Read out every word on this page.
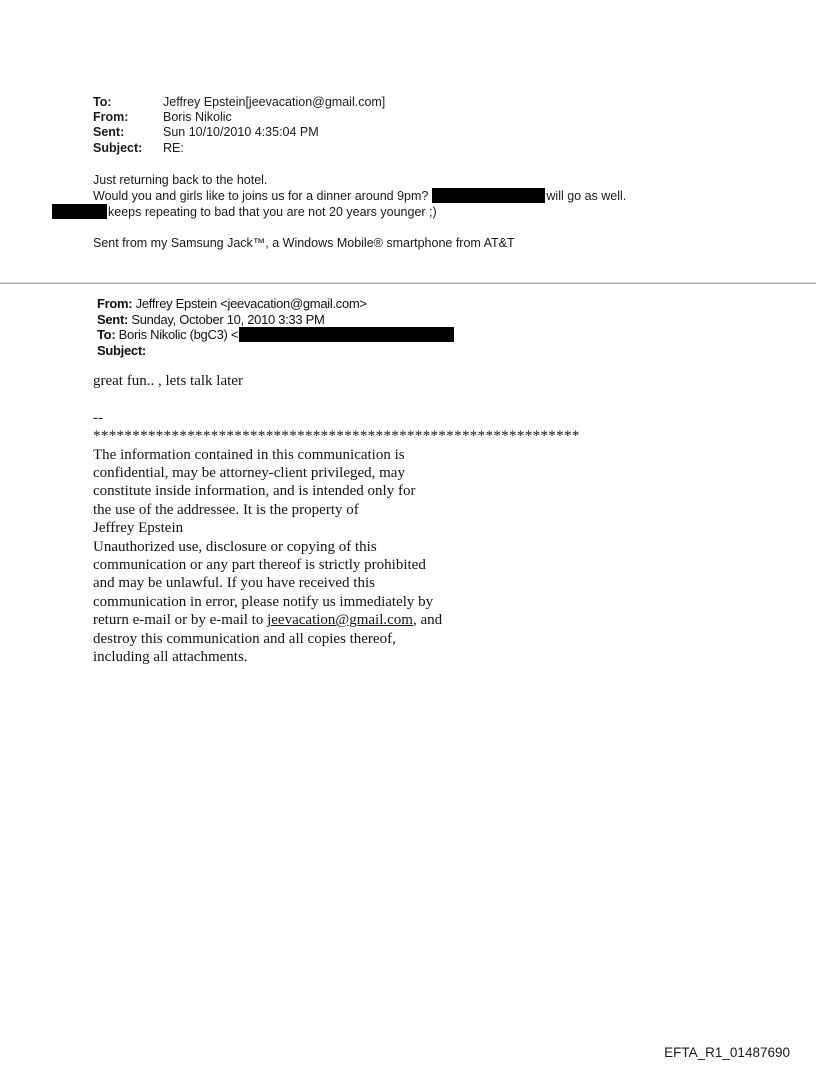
To:	Jeffrey Epstein[jeevacation@gmail.com]
From:	Boris Nikolic
Sent:	Sun 10/10/2010 4:35:04 PM
Subject:	RE:
Just returning back to the hotel.
Would you and girls like to joins us for a dinner around 9pm?	will go as well.
keeps repeating to bad that you are not 20 years younger ;)
Sent from my Samsung Jack™, a Windows Mobile® smartphone from AT&T
From: Jeffrey Epstein <jeevacation@gmail.com>
Sent: Sunday, October 10, 2010 3:33 PM
To: Boris Nikolic (bgC3) <
Subject:
great fun.. , lets talk later
--
**************************************************************
The information contained in this communication is
confidential, may be attorney-client privileged, may
constitute inside information, and is intended only for
the use of the addressee. It is the property of
Jeffrey Epstein
Unauthorized use, disclosure or copying of this
communication or any part thereof is strictly prohibited
and may be unlawful. If you have received this
communication in error, please notify us immediately by
return e-mail or by e-mail to jeevacation@gmail.com, and
destroy this communication and all copies thereof,
including all attachments.
EFTA_R1_01487690
